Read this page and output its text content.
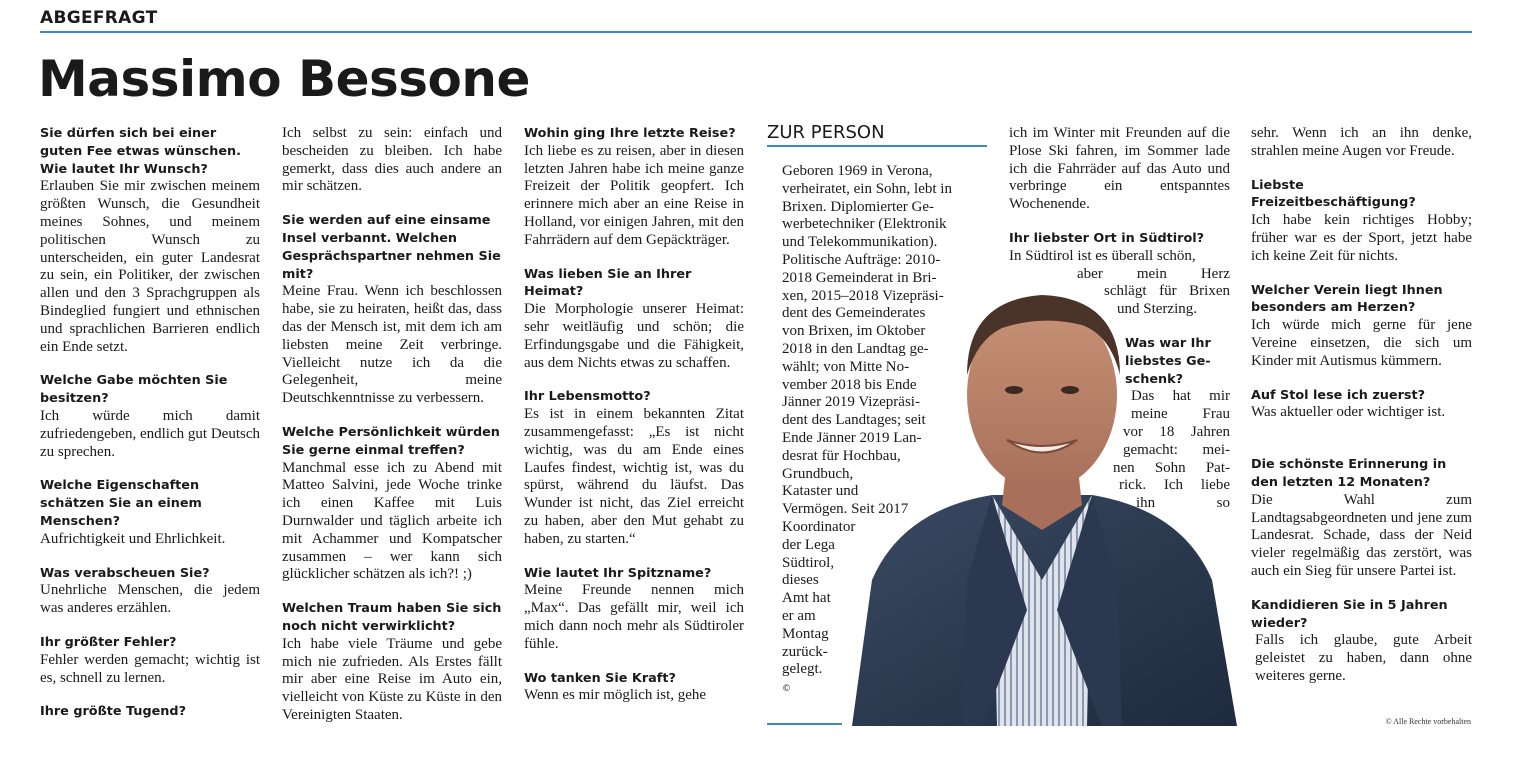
ABGEFRAGT
Massimo Bessone

Sie dürfen sich bei einer guten Fee etwas wünschen. Wie lautet Ihr Wunsch?

Erlauben Sie mir zwischen meinem größten Wunsch, die Gesundheit meines Sohnes, und meinem politischen Wunsch zu unterscheiden, ein guter Landesrat zu sein, ein Politiker, der zwischen allen und den 3 Sprachgruppen als Bindeglied fungiert und ethnischen und sprachlichen Barrieren endlich ein Ende setzt.

Welche Gabe möchten Sie besitzen?

Ich würde mich damit zufriedengeben, endlich gut Deutsch zu sprechen.

Welche Eigenschaften schätzen Sie an einem Menschen?

Aufrichtigkeit und Ehrlichkeit.

Was verabscheuen Sie?

Unehrliche Menschen, die jedem was anderes erzählen.

Ihr größter Fehler?

Fehler werden gemacht; wichtig ist es, schnell zu lernen.

Ihre größte Tugend?

Ich selbst zu sein: einfach und bescheiden zu bleiben. Ich habe gemerkt, dass dies auch andere an mir schätzen.

Sie werden auf eine einsame Insel verbannt. Welchen Gesprächspartner nehmen Sie mit?

Meine Frau. Wenn ich beschlossen habe, sie zu heiraten, heißt das, dass das der Mensch ist, mit dem ich am liebsten meine Zeit verbringe. Vielleicht nutze ich da die Gelegenheit, meine Deutschkenntnisse zu verbessern.

Welche Persönlichkeit würden Sie gerne einmal treffen?

Manchmal esse ich zu Abend mit Matteo Salvini, jede Woche trinke ich einen Kaffee mit Luis Durnwalder und täglich arbeite ich mit Achammer und Kompatscher zusammen – wer kann sich glücklicher schätzen als ich?! ;)

Welchen Traum haben Sie sich noch nicht verwirklicht?

Ich habe viele Träume und gebe mich nie zufrieden. Als Erstes fällt mir aber eine Reise im Auto ein, vielleicht von Küste zu Küste in den Vereinigten Staaten.

Wohin ging Ihre letzte Reise?

Ich liebe es zu reisen, aber in diesen letzten Jahren habe ich meine ganze Freizeit der Politik geopfert. Ich erinnere mich aber an eine Reise in Holland, vor einigen Jahren, mit den Fahrrädern auf dem Gepäckträger.

Was lieben Sie an Ihrer Heimat?

Die Morphologie unserer Heimat: sehr weitläufig und schön; die Erfindungsgabe und die Fähigkeit, aus dem Nichts etwas zu schaffen.

Ihr Lebensmotto?

Es ist in einem bekannten Zitat zusammengefasst: „Es ist nicht wichtig, was du am Ende eines Laufes findest, wichtig ist, was du spürst, während du läufst. Das Wunder ist nicht, das Ziel erreicht zu haben, aber den Mut gehabt zu haben, zu starten.“

Wie lautet Ihr Spitzname?

Meine Freunde nennen mich „Max“. Das gefällt mir, weil ich mich dann noch mehr als Südtiroler fühle.

Wo tanken Sie Kraft?

Wenn es mir möglich ist, gehe

ZUR PERSON
Geboren 1969 in Verona,
verheiratet, ein Sohn, lebt in
Brixen. Diplomierter Ge-
werbetechniker (Elektronik
und Telekommunikation).
Politische Aufträge: 2010-
2018 Gemeinderat in Bri-
xen, 2015–2018 Vizepräsi-
dent des Gemeinderates
von Brixen, im Oktober
2018 in den Landtag ge-
wählt; von Mitte No-
vember 2018 bis Ende
Jänner 2019 Vizepräsi-
dent des Landtages; seit
Ende Jänner 2019 Lan-
desrat für Hochbau,
Grundbuch,
Kataster und
Vermögen. Seit 2017
Koordinator
der Lega
Südtirol,
dieses
Amt hat
er am
Montag
zurück-
gelegt.
©

ich im Winter mit Freunden auf die Plose Ski fahren, im Sommer lade ich die Fahrräder auf das Auto und verbringe ein entspanntes Wochenende.

Ihr liebster Ort in Südtirol?

In Südtirol ist es überall schön,

aber mein Herz
schlägt für Brixen
und Sterzing.
Was war Ihr
liebstes Ge-
schenk?
Das hat mir
meine Frau
vor 18 Jahren
gemacht: mei-
nen Sohn Pat-
rick. Ich liebe
ihn so

sehr. Wenn ich an ihn denke, strahlen meine Augen vor Freude.

Liebste Freizeitbeschäftigung?

Ich habe kein richtiges Hobby; früher war es der Sport, jetzt habe ich keine Zeit für nichts.

Welcher Verein liegt Ihnen besonders am Herzen?

Ich würde mich gerne für jene Vereine einsetzen, die sich um Kinder mit Autismus kümmern.

Auf Stol lese ich zuerst?

Was aktueller oder wichtiger ist.

Die schönste Erinnerung in den letzten 12 Monaten?

Die Wahl zum Landtagsabgeordneten und jene zum Landesrat. Schade, dass der Neid vieler regelmäßig das zerstört, was auch ein Sieg für unsere Partei ist.

Kandidieren Sie in 5 Jahren wieder?

Falls ich glaube, gute Arbeit geleistet zu haben, dann ohne weiteres gerne.

© Alle Rechte vorbehalten
